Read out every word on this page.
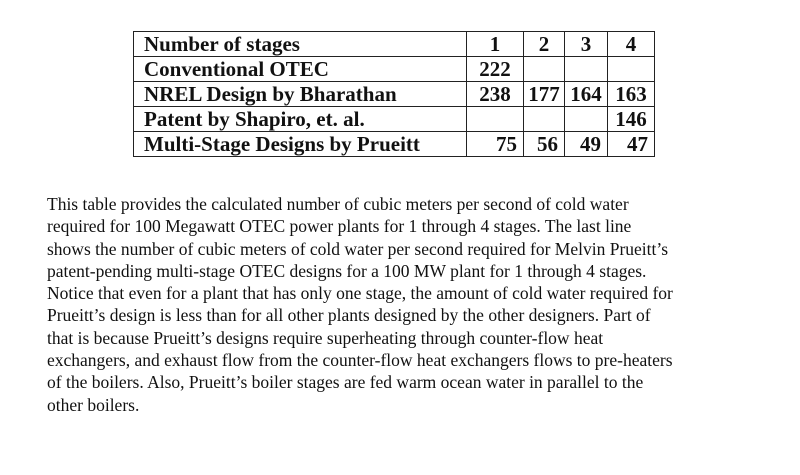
Number of stages	1	2	3	4
Conventional OTEC	222			
NREL Design by Bharathan	238	177	164	163
Patent by Shapiro, et. al.				146
Multi-Stage Designs by Prueitt	75	56	49	47

This table provides the calculated number of cubic meters per second of cold water
required for 100 Megawatt OTEC power plants for 1 through 4 stages. The last line
shows the number of cubic meters of cold water per second required for Melvin Prueitt’s
patent-pending multi-stage OTEC designs for a 100 MW plant for 1 through 4 stages.
Notice that even for a plant that has only one stage, the amount of cold water required for
Prueitt’s design is less than for all other plants designed by the other designers. Part of
that is because Prueitt’s designs require superheating through counter-flow heat
exchangers, and exhaust flow from the counter-flow heat exchangers flows to pre-heaters
of the boilers. Also, Prueitt’s boiler stages are fed warm ocean water in parallel to the
other boilers.
